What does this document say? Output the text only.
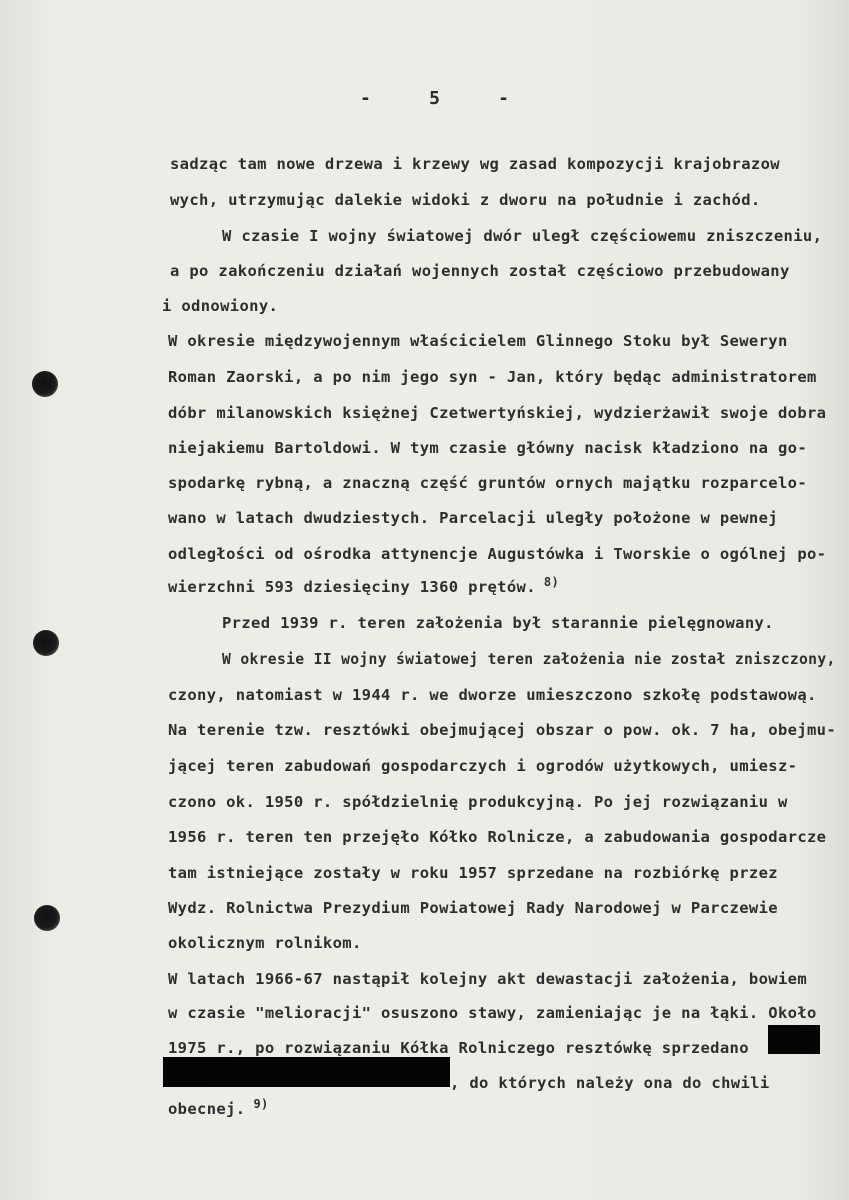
-	5	-
sadząc tam nowe drzewa i krzewy wg zasad kompozycji krajobrazow
wych, utrzymując dalekie widoki z dworu na południe i zachód.
W czasie I wojny światowej dwór uległ częściowemu zniszczeniu,
a po zakończeniu działań wojennych został częściowo przebudowany
i odnowiony.
W okresie międzywojennym właścicielem Glinnego Stoku był Seweryn
Roman Zaorski, a po nim jego syn - Jan, który będąc administratorem
dóbr milanowskich księżnej Czetwertyńskiej, wydzierżawił swoje dobra
niejakiemu Bartoldowi. W tym czasie główny nacisk kładziono na go-
spodarkę rybną, a znaczną część gruntów ornych majątku rozparcelo-
wano w latach dwudziestych. Parcelacji uległy położone w pewnej
odległości od ośrodka attynencje Augustówka i Tworskie o ogólnej po-
wierzchni 593 dziesięciny 1360 prętów. $^{8)}$
Przed 1939 r. teren założenia był starannie pielęgnowany.
W okresie II wojny światowej teren założenia nie został zniszczony,
czony, natomiast w 1944 r. we dworze umieszczono szkołę podstawową.
Na terenie tzw. resztówki obejmującej obszar o pow. ok. 7 ha, obejmu-
jącej teren zabudowań gospodarczych i ogrodów użytkowych, umiesz-
czono ok. 1950 r. spółdzielnię produkcyjną. Po jej rozwiązaniu w
1956 r. teren ten przejęło Kółko Rolnicze, a zabudowania gospodarcze
tam istniejące zostały w roku 1957 sprzedane na rozbiórkę przez
Wydz. Rolnictwa Prezydium Powiatowej Rady Narodowej w Parczewie
okolicznym rolnikom.
W latach 1966-67 nastąpił kolejny akt dewastacji założenia, bowiem
w czasie "melioracji" osuszono stawy, zamieniając je na łąki. Około
1975 r., po rozwiązaniu Kółka Rolniczego resztówkę sprzedano
, do których należy ona do chwili
obecnej. $^{9)}$
